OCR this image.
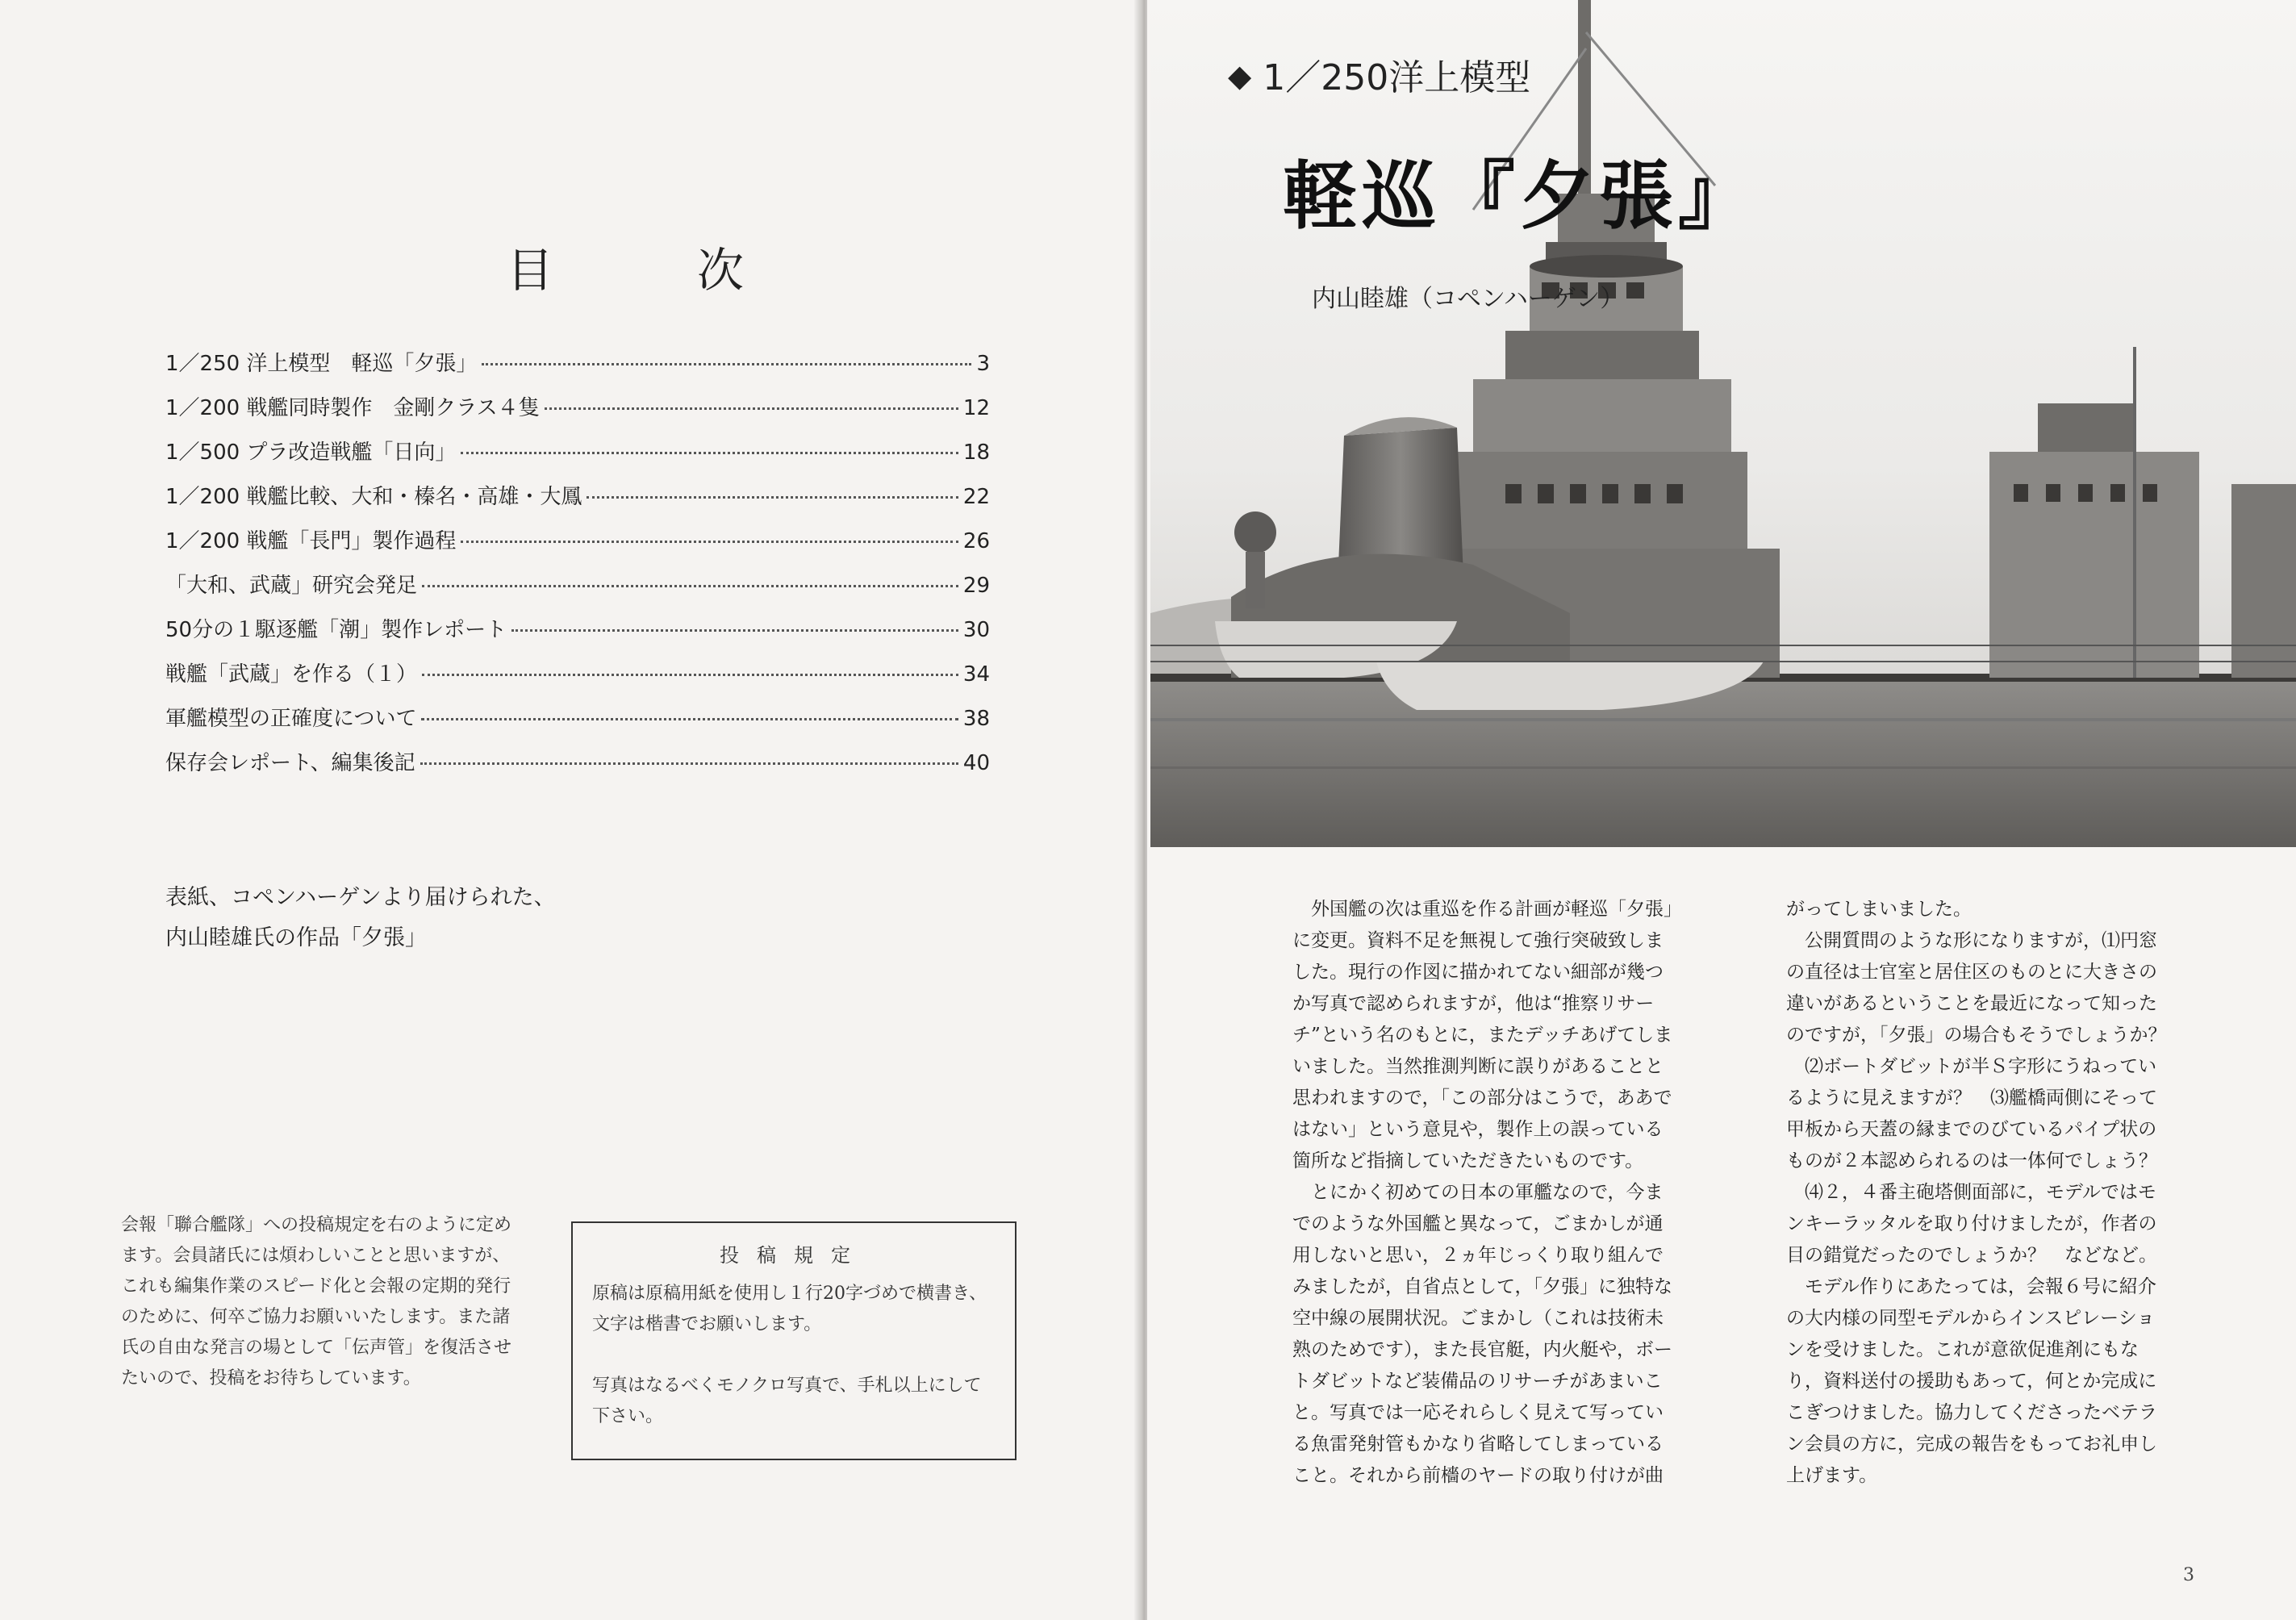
目　次
1／250 洋上模型　軽巡「夕張」	3
1／200 戦艦同時製作　金剛クラス４隻	12
1／500 プラ改造戦艦「日向」	18
1／200 戦艦比較、大和・榛名・高雄・大鳳	22
1／200 戦艦「長門」製作過程	26
「大和、武蔵」研究会発足	29
50分の１駆逐艦「潮」製作レポート	30
戦艦「武蔵」を作る（１）	34
軍艦模型の正確度について	38
保存会レポート、編集後記	40
表紙、コペンハーゲンより届けられた、
内山睦雄氏の作品「夕張」
会報「聯合艦隊」への投稿規定を右のように定めます。会員諸氏には煩わしいことと思いますが、これも編集作業のスピード化と会報の定期的発行のために、何卒ご協力お願いいたします。また諸氏の自由な発言の場として「伝声管」を復活させたいので、投稿をお待ちしています。
投稿規定

原稿は原稿用紙を使用し１行20字づめで横書き、文字は楷書でお願いします。

写真はなるべくモノクロ写真で、手札以上にして下さい。

◆ 1／250洋上模型
軽巡『夕張』
内山睦雄（コペンハーゲン）

外国艦の次は重巡を作る計画が軽巡「夕張」に変更。資料不足を無視して強行突破致しました。現行の作図に描かれてない細部が幾つか写真で認められますが，他は“推察リサーチ”という名のもとに，またデッチあげてしまいました。当然推測判断に誤りがあることと思われますので，「この部分はこうで，ああではない」という意見や，製作上の誤っている箇所など指摘していただきたいものです。

とにかく初めての日本の軍艦なので，今までのような外国艦と異なって，ごまかしが通用しないと思い，２ヵ年じっくり取り組んでみましたが，自省点として，「夕張」に独特な空中線の展開状況。ごまかし（これは技術未熟のためです），また長官艇，内火艇や，ボートダビットなど装備品のリサーチがあまいこと。写真では一応それらしく見えて写っている魚雷発射管もかなり省略してしまっていること。それから前檣のヤードの取り付けが曲

がってしまいました。

公開質問のような形になりますが，⑴円窓の直径は士官室と居住区のものとに大きさの違いがあるということを最近になって知ったのですが，「夕張」の場合もそうでしょうか？

⑵ボートダビットが半Ｓ字形にうねっているように見えますが？　⑶艦橋両側にそって甲板から天蓋の縁までのびているパイプ状のものが２本認められるのは一体何でしょう？

⑷２，４番主砲塔側面部に，モデルではモンキーラッタルを取り付けましたが，作者の目の錯覚だったのでしょうか？　などなど。

モデル作りにあたっては，会報６号に紹介の大内様の同型モデルからインスピレーションを受けました。これが意欲促進剤にもなり，資料送付の援助もあって，何とか完成にこぎつけました。協力してくださったベテラン会員の方に，完成の報告をもってお礼申し上げます。

3
